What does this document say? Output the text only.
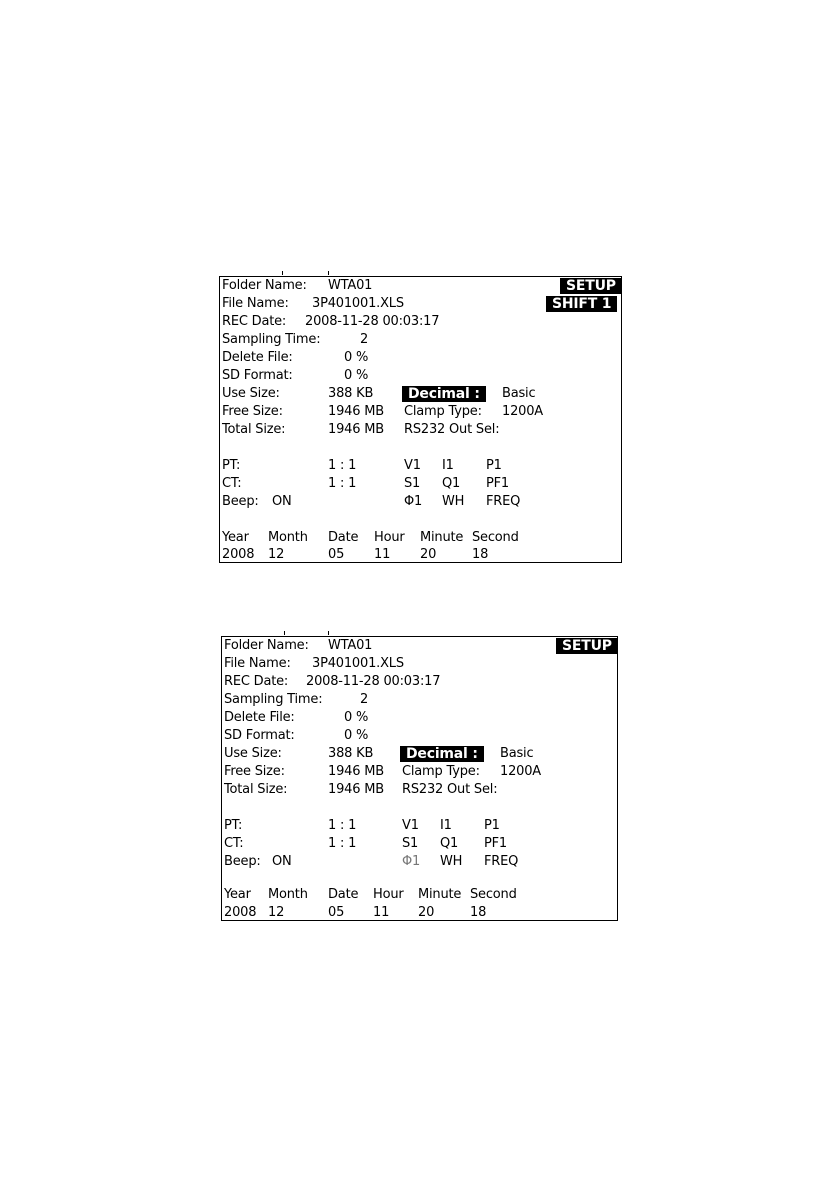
Folder Name: WTA01	SETUP
File Name: 3P401001.XLS	SHIFT 1
REC Date: 2008-11-28 00:03:17
Sampling Time:	2
Delete File:	0 %
SD Format:	0 %
Use Size:	388 KB	Decimal :	Basic
Free Size:	1946 MB Clamp Type: 1200A
Total Size:	1946 MB RS232 Out Sel:
PT:	1 : 1	V1 I1 P1
CT:	1 : 1	S1 Q1 PF1
Beep: ON	Φ1 WH FREQ
Year Month Date Hour Minute Second
2008 12	05 11 20	18
Folder Name: WTA01	SETUP
File Name: 3P401001.XLS
REC Date: 2008-11-28 00:03:17
Sampling Time:	2
Delete File:	0 %
SD Format:	0 %
Use Size:	388 KB	Decimal :	Basic
Free Size:	1946 MB Clamp Type: 1200A
Total Size:	1946 MB RS232 Out Sel:
PT:	1 : 1	V1 I1 P1
CT:	1 : 1	S1 Q1 PF1
Beep: ON	Φ1 WH FREQ
Year Month Date Hour Minute Second
2008 12	05 11 20	18
